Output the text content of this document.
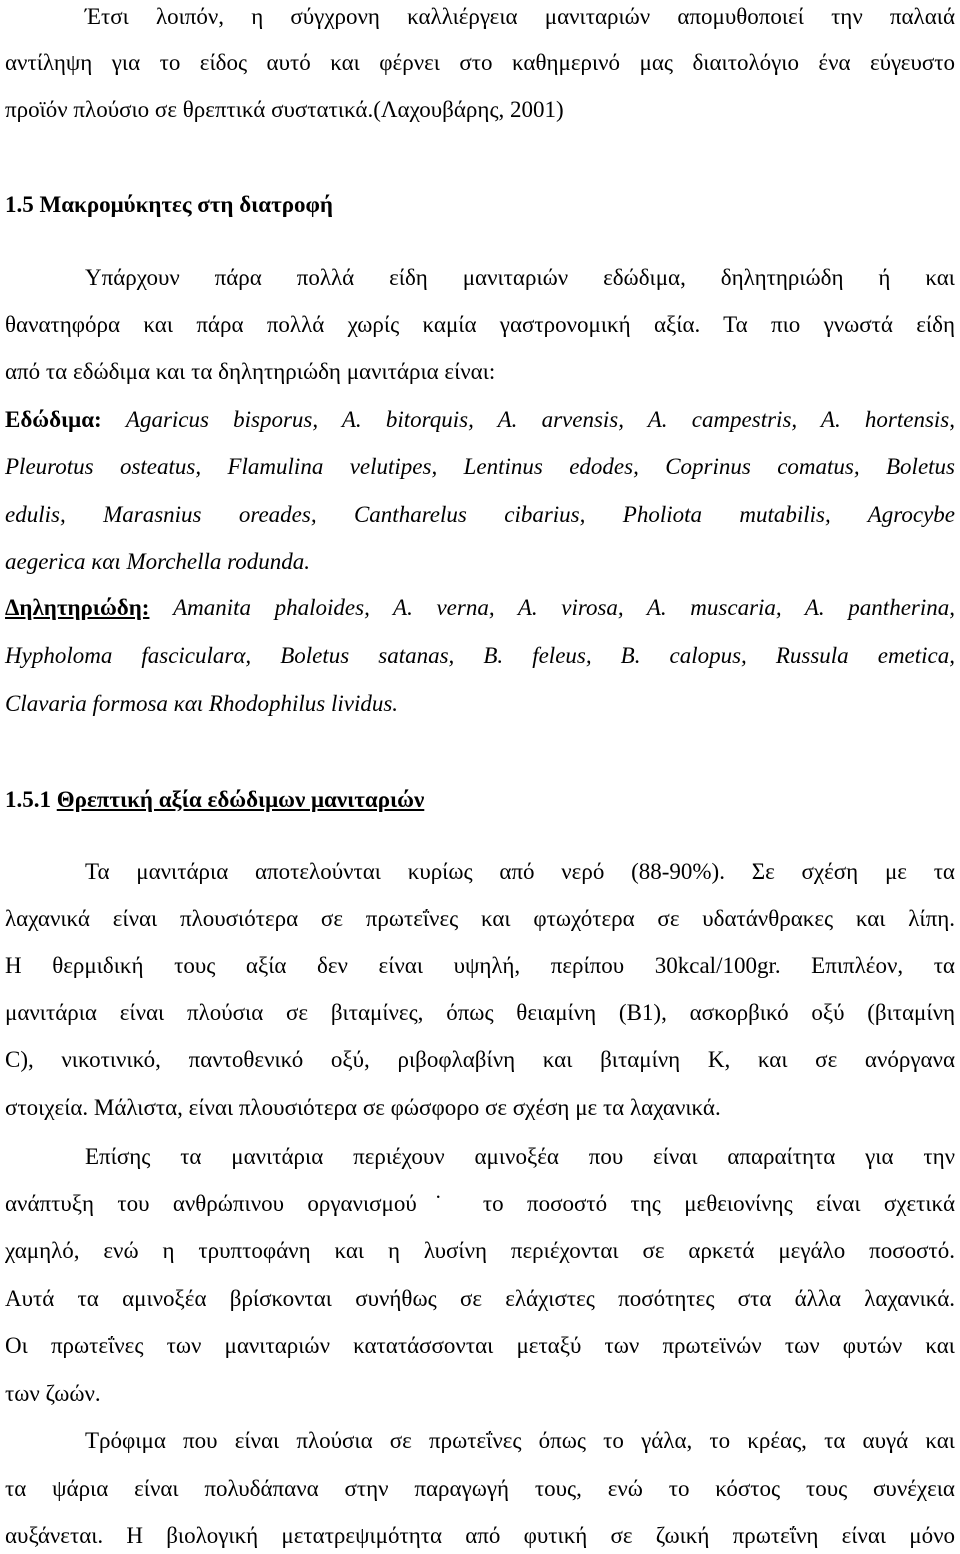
Έτσι λοιπόν, η σύγχρονη καλλιέργεια μανιταριών απομυθοποιεί την παλαιά
αντίληψη για το είδος αυτό και φέρνει στο καθημερινό μας διαιτολόγιο ένα εύγευστο
προϊόν πλούσιο σε θρεπτικά συστατικά.(Λαχουβάρης, 2001)
1.5 Μακρομύκητες στη διατροφή
Υπάρχουν πάρα πολλά είδη μανιταριών εδώδιμα, δηλητηριώδη ή και
θανατηφόρα και πάρα πολλά χωρίς καμία γαστρονομική αξία. Τα πιο γνωστά είδη
από τα εδώδιμα και τα δηλητηριώδη μανιτάρια είναι:
Εδώδιμα: Agaricus bisporus, A. bitorquis, A. arvensis, A. campestris, A. hortensis,
Pleurotus osteatus, Flamulina velutipes, Lentinus edodes, Coprinus comatus, Boletus
edulis, Marasnius oreades, Cantharelus cibarius, Pholiota mutabilis, Agrocybe
aegerica και Morchella rodunda.
Δηλητηριώδη: Amanita phaloides, A. verna, A. virosa, A. muscaria, A. pantherina,
Hypholoma fascicularα, Boletus satanas, B. feleus, B. calopus, Russula emetica,
Clavaria formosa και Rhodophilus lividus.
1.5.1 Θρεπτική αξία εδώδιμων μανιταριών
Τα μανιτάρια αποτελούνται κυρίως από νερό (88-90%). Σε σχέση με τα
λαχανικά είναι πλουσιότερα σε πρωτεΐνες και φτωχότερα σε υδατάνθρακες και λίπη.
Η θερμιδική τους αξία δεν είναι υψηλή, περίπου 30kcal/100gr. Επιπλέον, τα
μανιτάρια είναι πλούσια σε βιταμίνες, όπως θειαμίνη (Β1), ασκορβικό οξύ (βιταμίνη
C), νικοτινικό, παντοθενικό οξύ, ριβοφλαβίνη και βιταμίνη Κ, και σε ανόργανα
στοιχεία. Μάλιστα, είναι πλουσιότερα σε φώσφορο σε σχέση με τα λαχανικά.
Επίσης τα μανιτάρια περιέχουν αμινοξέα που είναι απαραίτητα για την
ανάπτυξη του ανθρώπινου οργανισμού˙ το ποσοστό της μεθειονίνης είναι σχετικά
χαμηλό, ενώ η τρυπτοφάνη και η λυσίνη περιέχονται σε αρκετά μεγάλο ποσοστό.
Αυτά τα αμινοξέα βρίσκονται συνήθως σε ελάχιστες ποσότητες στα άλλα λαχανικά.
Οι πρωτεΐνες των μανιταριών κατατάσσονται μεταξύ των πρωτεϊνών των φυτών και
των ζωών.
Τρόφιμα που είναι πλούσια σε πρωτεΐνες όπως το γάλα, το κρέας, τα αυγά και
τα ψάρια είναι πολυδάπανα στην παραγωγή τους, ενώ το κόστος τους συνέχεια
αυξάνεται. Η βιολογική μετατρεψιμότητα από φυτική σε ζωική πρωτεΐνη είναι μόνο
